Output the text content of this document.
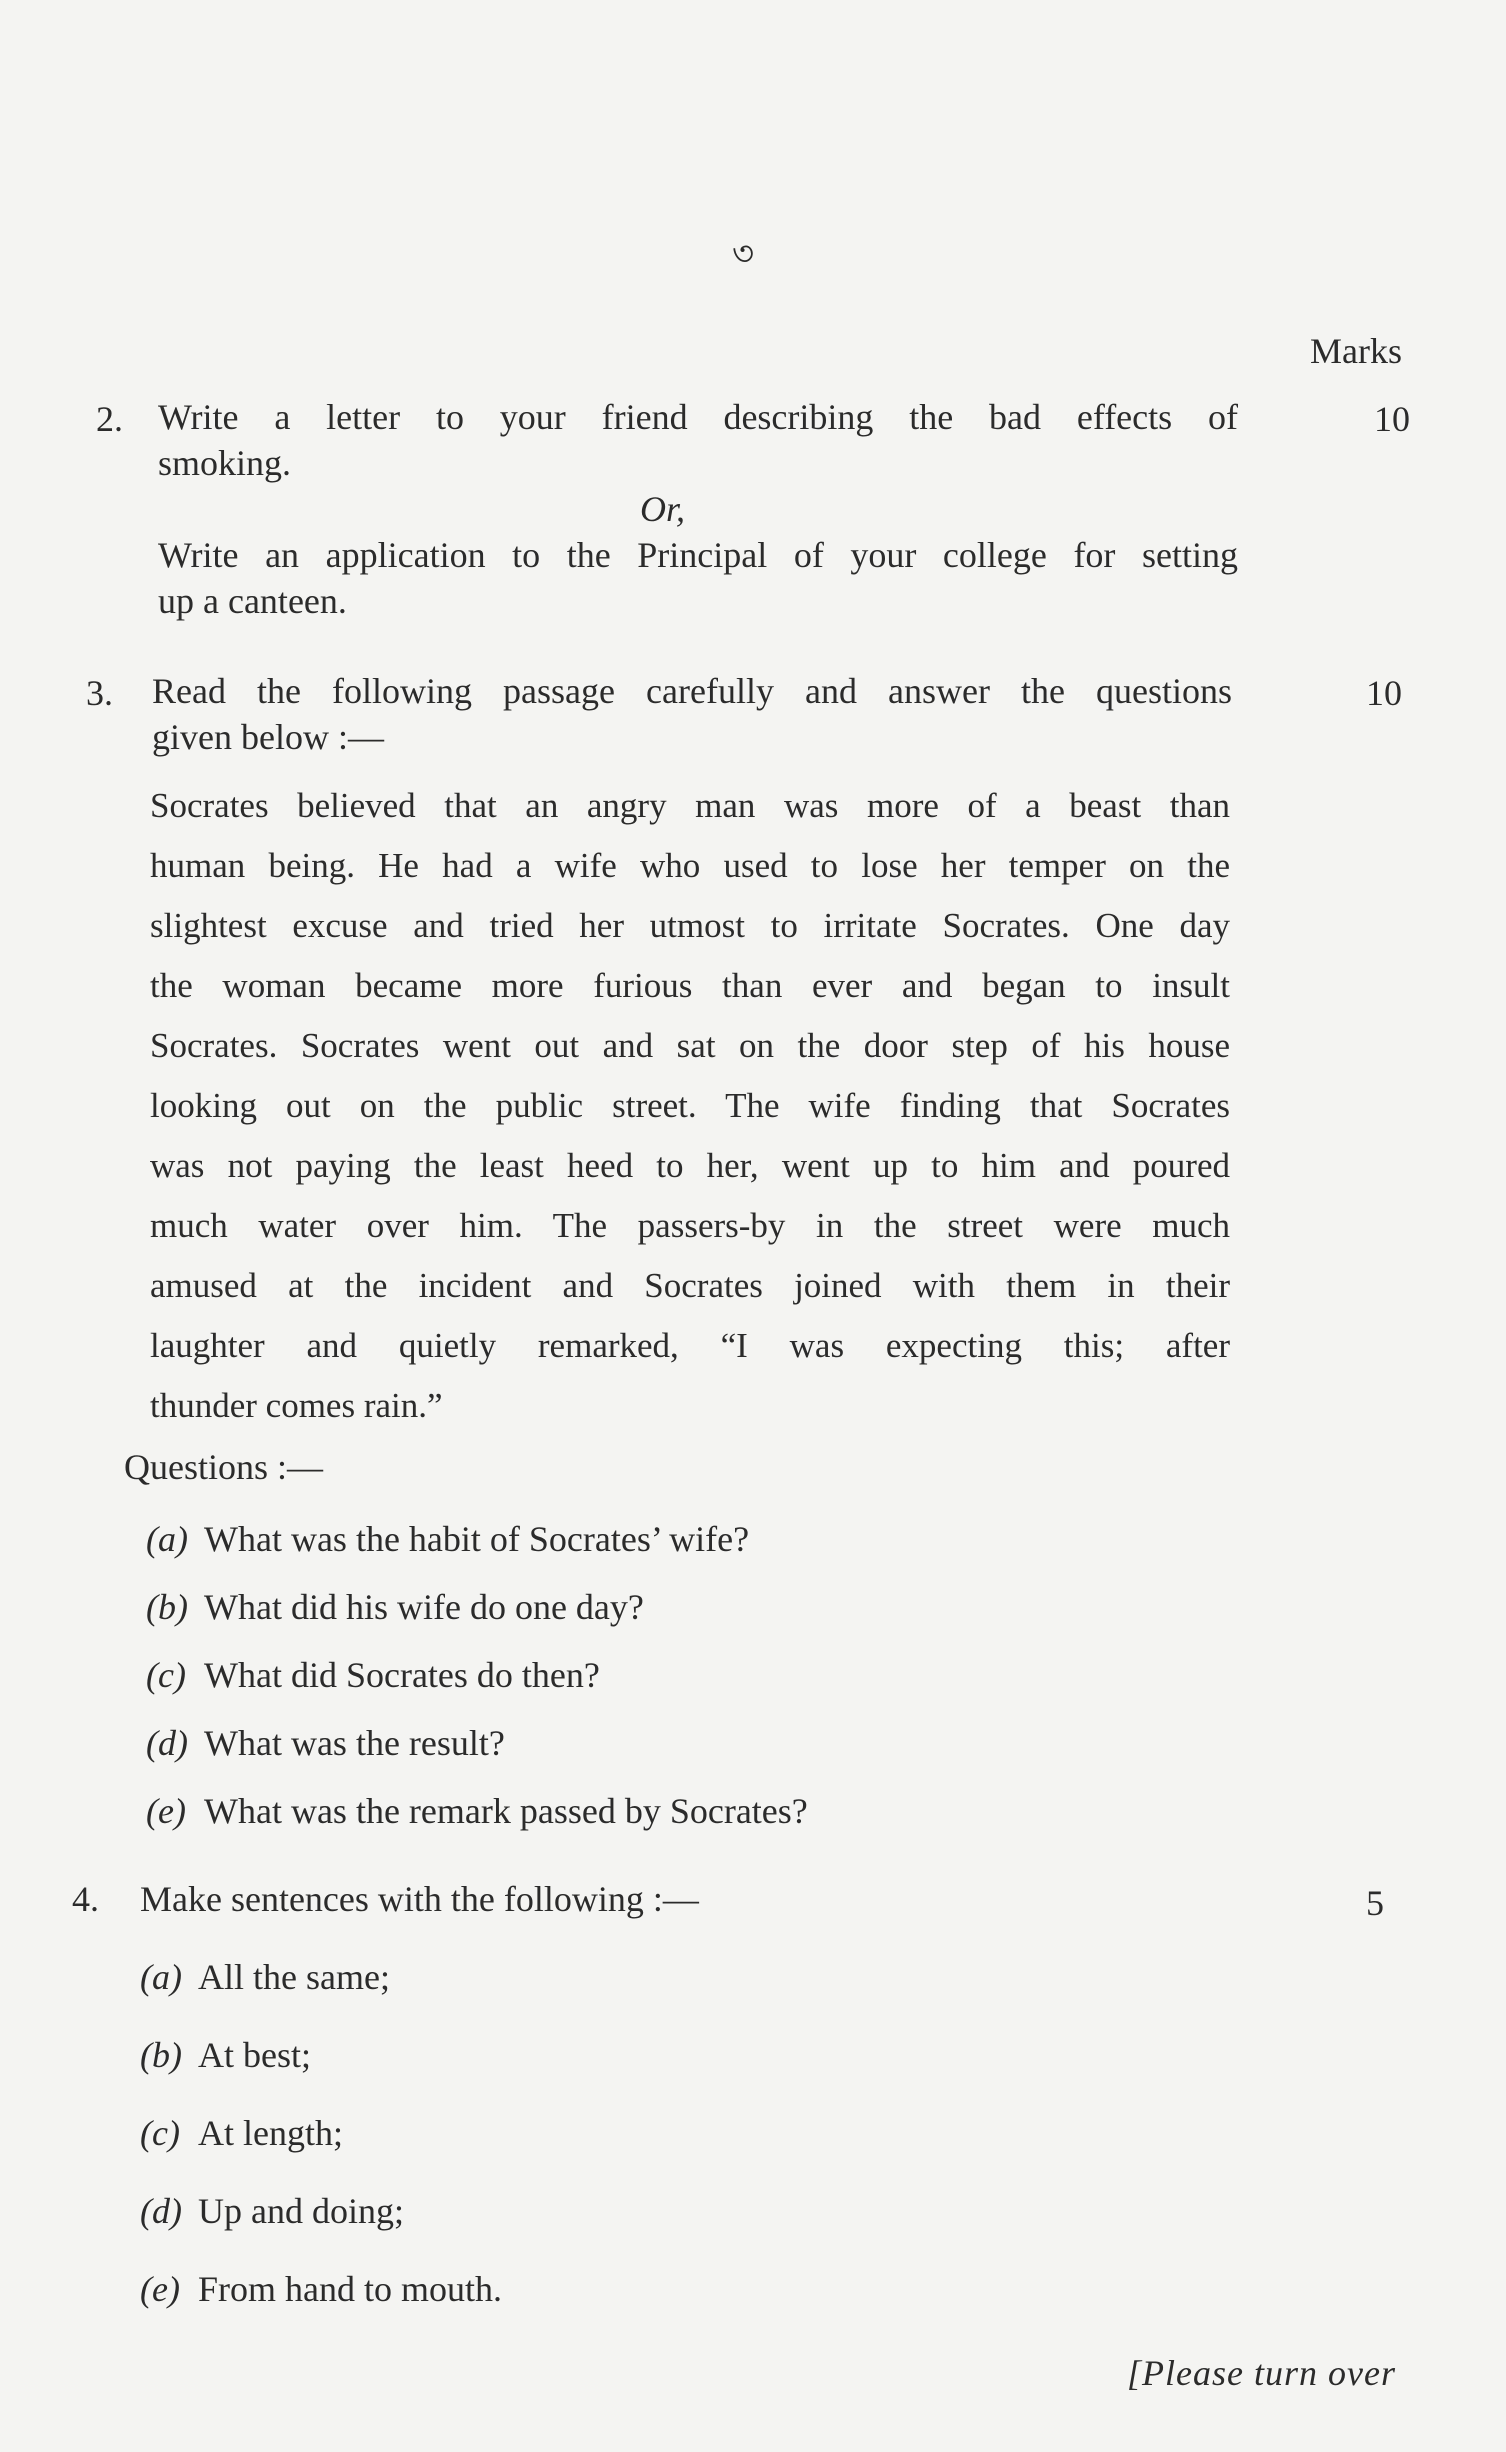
৩
Marks
2. Write a letter to your friend describing the bad effects of
smoking.
10
Or,
Write an application to the Principal of your college for setting
up a canteen.
3. Read the following passage carefully and answer the questions
given below :—
10
Socrates believed that an angry man was more of a beast than
human being. He had a wife who used to lose her temper on the
slightest excuse and tried her utmost to irritate Socrates. One day
the woman became more furious than ever and began to insult
Socrates. Socrates went out and sat on the door step of his house
looking out on the public street. The wife finding that Socrates
was not paying the least heed to her, went up to him and poured
much water over him. The passers-by in the street were much
amused at the incident and Socrates joined with them in their
laughter and quietly remarked, “I was expecting this; after
thunder comes rain.”
Questions :—
(a) What was the habit of Socrates’ wife?
(b) What did his wife do one day?
(c) What did Socrates do then?
(d) What was the result?
(e) What was the remark passed by Socrates?
4. Make sentences with the following :—	5
(a) All the same;
(b) At best;
(c) At length;
(d) Up and doing;
(e) From hand to mouth.
[Please turn over
